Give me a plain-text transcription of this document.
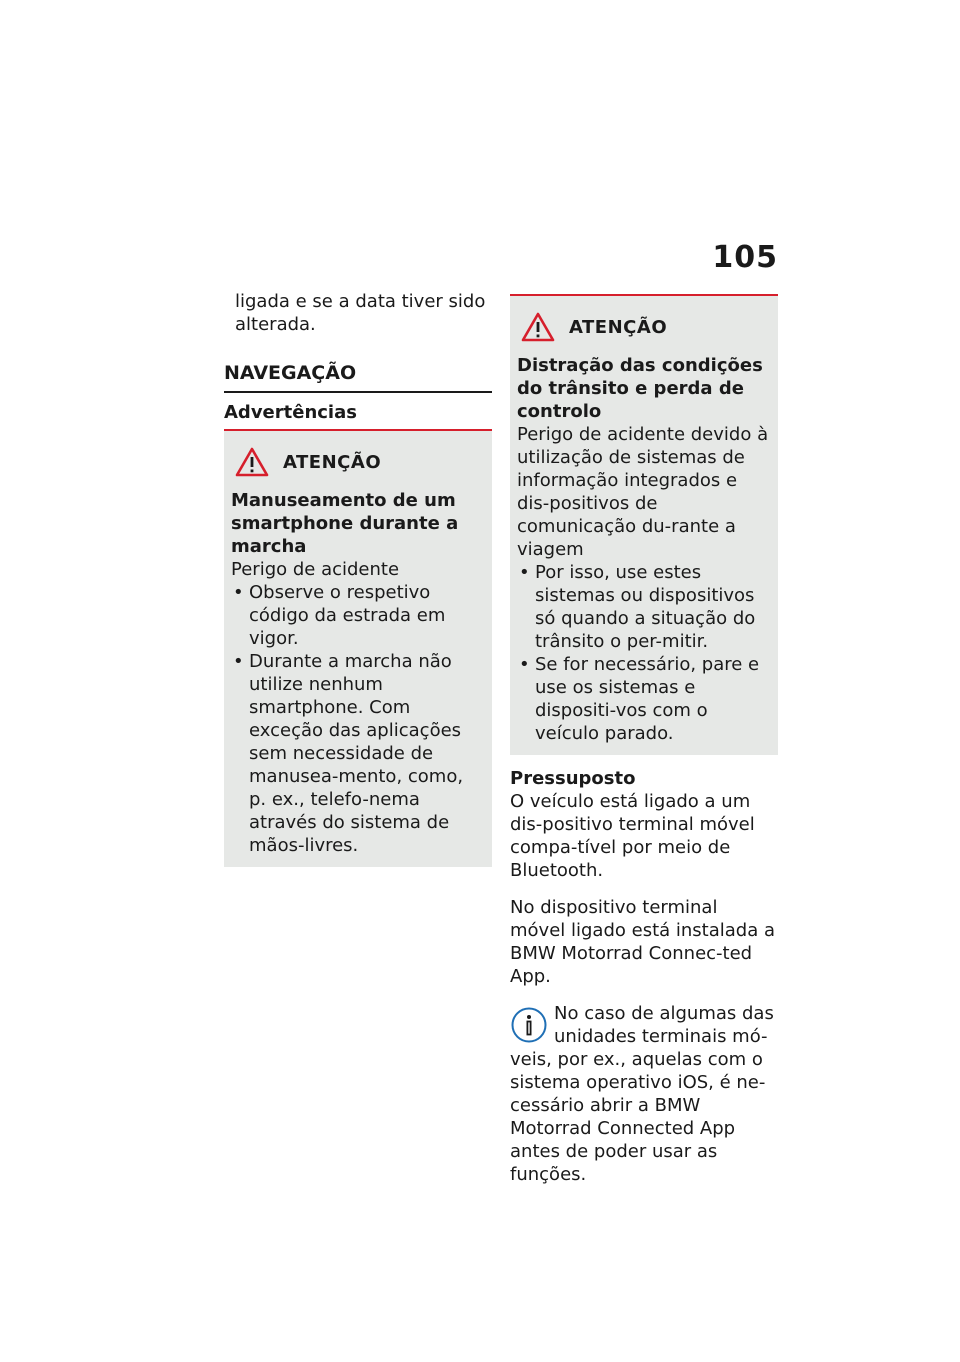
105

ligada e se a data tiver sido alterada.

NAVEGAÇÃO
Advertências
ATENÇÃO

Manuseamento de um smartphone durante a marcha

Perigo de acidente

• Observe o respetivo código da estrada em vigor.
• Durante a marcha não utilize nenhum smartphone. Com exceção das aplicações sem necessidade de manusea-mento, como, p. ex., telefo-nema através do sistema de mãos-livres.
ATENÇÃO

Distração das condições do trânsito e perda de controlo

Perigo de acidente devido à utilização de sistemas de informação integrados e dis-positivos de comunicação du-rante a viagem

• Por isso, use estes sistemas ou dispositivos só quando a situação do trânsito o per-mitir.
• Se for necessário, pare e use os sistemas e dispositi-vos com o veículo parado.

Pressuposto

O veículo está ligado a um dis-positivo terminal móvel compa-tível por meio de Bluetooth.

No dispositivo terminal móvel ligado está instalada a BMW Motorrad Connec-ted App.

No caso de algumas das unidades terminais mó-

veis, por ex., aquelas com o sistema operativo iOS, é ne-cessário abrir a BMW Motorrad Connected App antes de poder usar as funções.
